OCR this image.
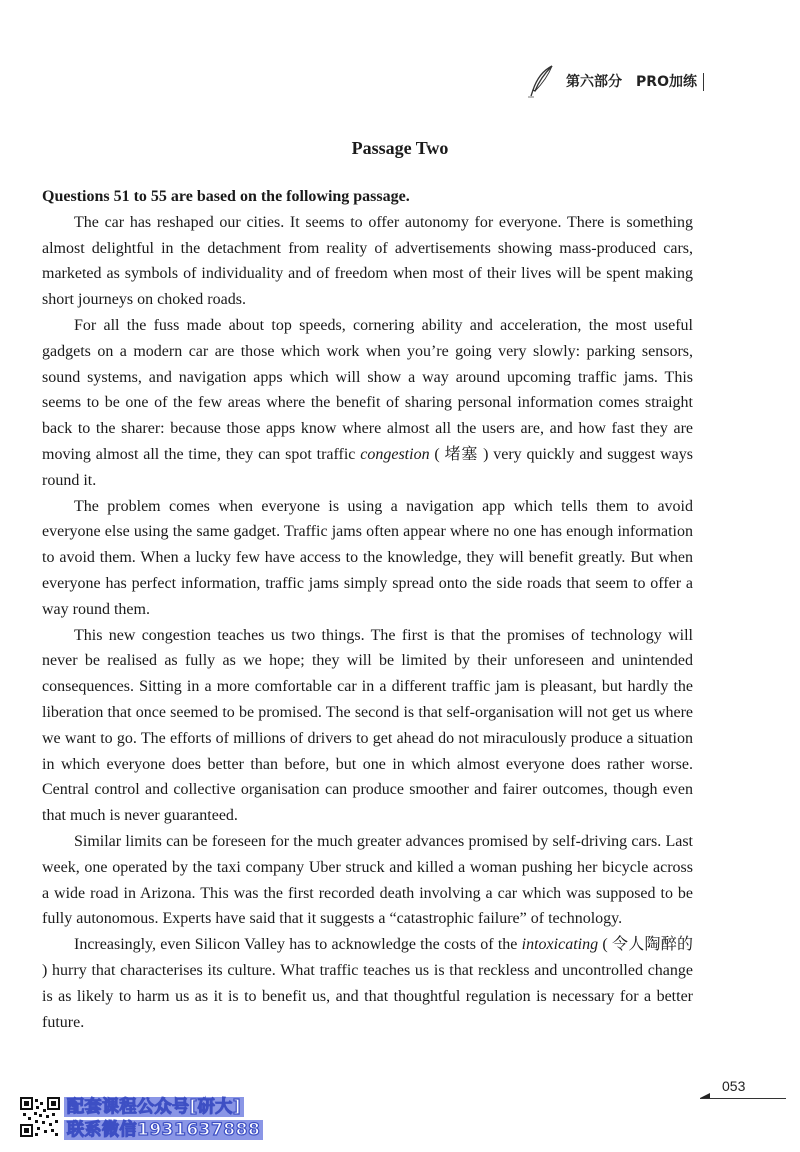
第六部分　PRO加练
Passage Two

Questions 51 to 55 are based on the following passage.

The car has reshaped our cities. It seems to offer autonomy for everyone. There is something almost delightful in the detachment from reality of advertisements showing mass-produced cars, marketed as symbols of individuality and of freedom when most of their lives will be spent making short journeys on choked roads.

For all the fuss made about top speeds, cornering ability and acceleration, the most useful gadgets on a modern car are those which work when you’re going very slowly: parking sensors, sound systems, and navigation apps which will show a way around upcoming traffic jams. This seems to be one of the few areas where the benefit of sharing personal information comes straight back to the sharer: because those apps know where almost all the users are, and how fast they are moving almost all the time, they can spot traffic congestion ( 堵塞 ) very quickly and suggest ways round it.

The problem comes when everyone is using a navigation app which tells them to avoid everyone else using the same gadget. Traffic jams often appear where no one has enough information to avoid them. When a lucky few have access to the knowledge, they will benefit greatly. But when everyone has perfect information, traffic jams simply spread onto the side roads that seem to offer a way round them.

This new congestion teaches us two things. The first is that the promises of technology will never be realised as fully as we hope; they will be limited by their unforeseen and unintended consequences. Sitting in a more comfortable car in a different traffic jam is pleasant, but hardly the liberation that once seemed to be promised. The second is that self-organisation will not get us where we want to go. The efforts of millions of drivers to get ahead do not miraculously produce a situation in which everyone does better than before, but one in which almost everyone does rather worse. Central control and collective organisation can produce smoother and fairer outcomes, though even that much is never guaranteed.

Similar limits can be foreseen for the much greater advances promised by self-driving cars. Last week, one operated by the taxi company Uber struck and killed a woman pushing her bicycle across a wide road in Arizona. This was the first recorded death involving a car which was supposed to be fully autonomous. Experts have said that it suggests a “catastrophic failure” of technology.

Increasingly, even Silicon Valley has to acknowledge the costs of the intoxicating ( 令人陶醉的 ) hurry that characterises its culture. What traffic teaches us is that reckless and uncontrolled change is as likely to harm us as it is to benefit us, and that thoughtful regulation is necessary for a better future.

053
配套课程公众号[研大]
联系微信1931637888
